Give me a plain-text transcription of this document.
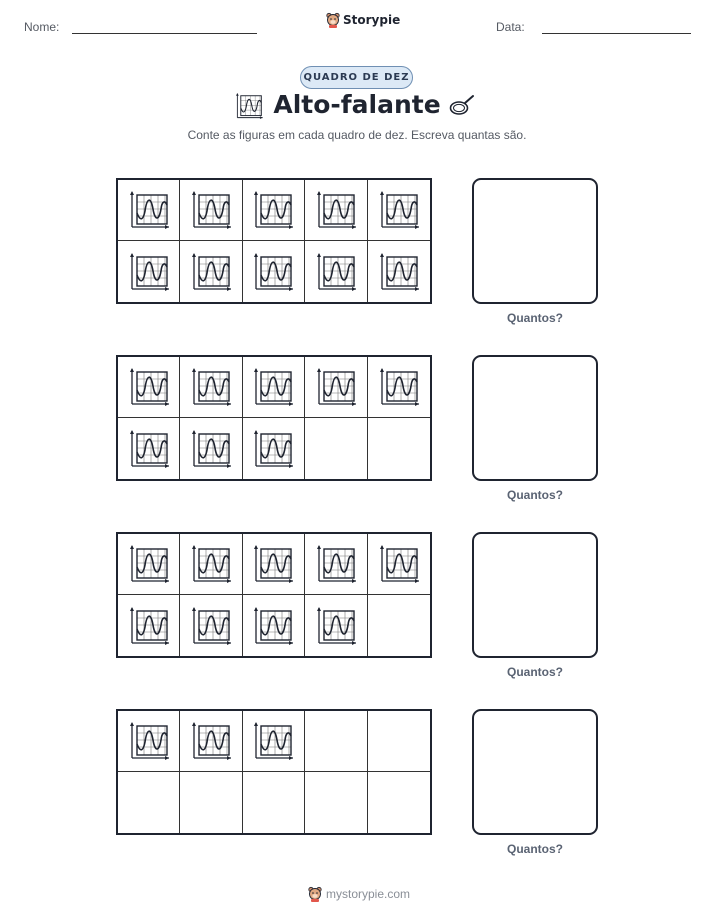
Nome:	Storypie	Data:
QUADRO DE DEZ
Alto-falante
Conte as figuras em cada quadro de dez. Escreva quantas são.
Quantos?
Quantos?
Quantos?
Quantos?
mystorypie.com
